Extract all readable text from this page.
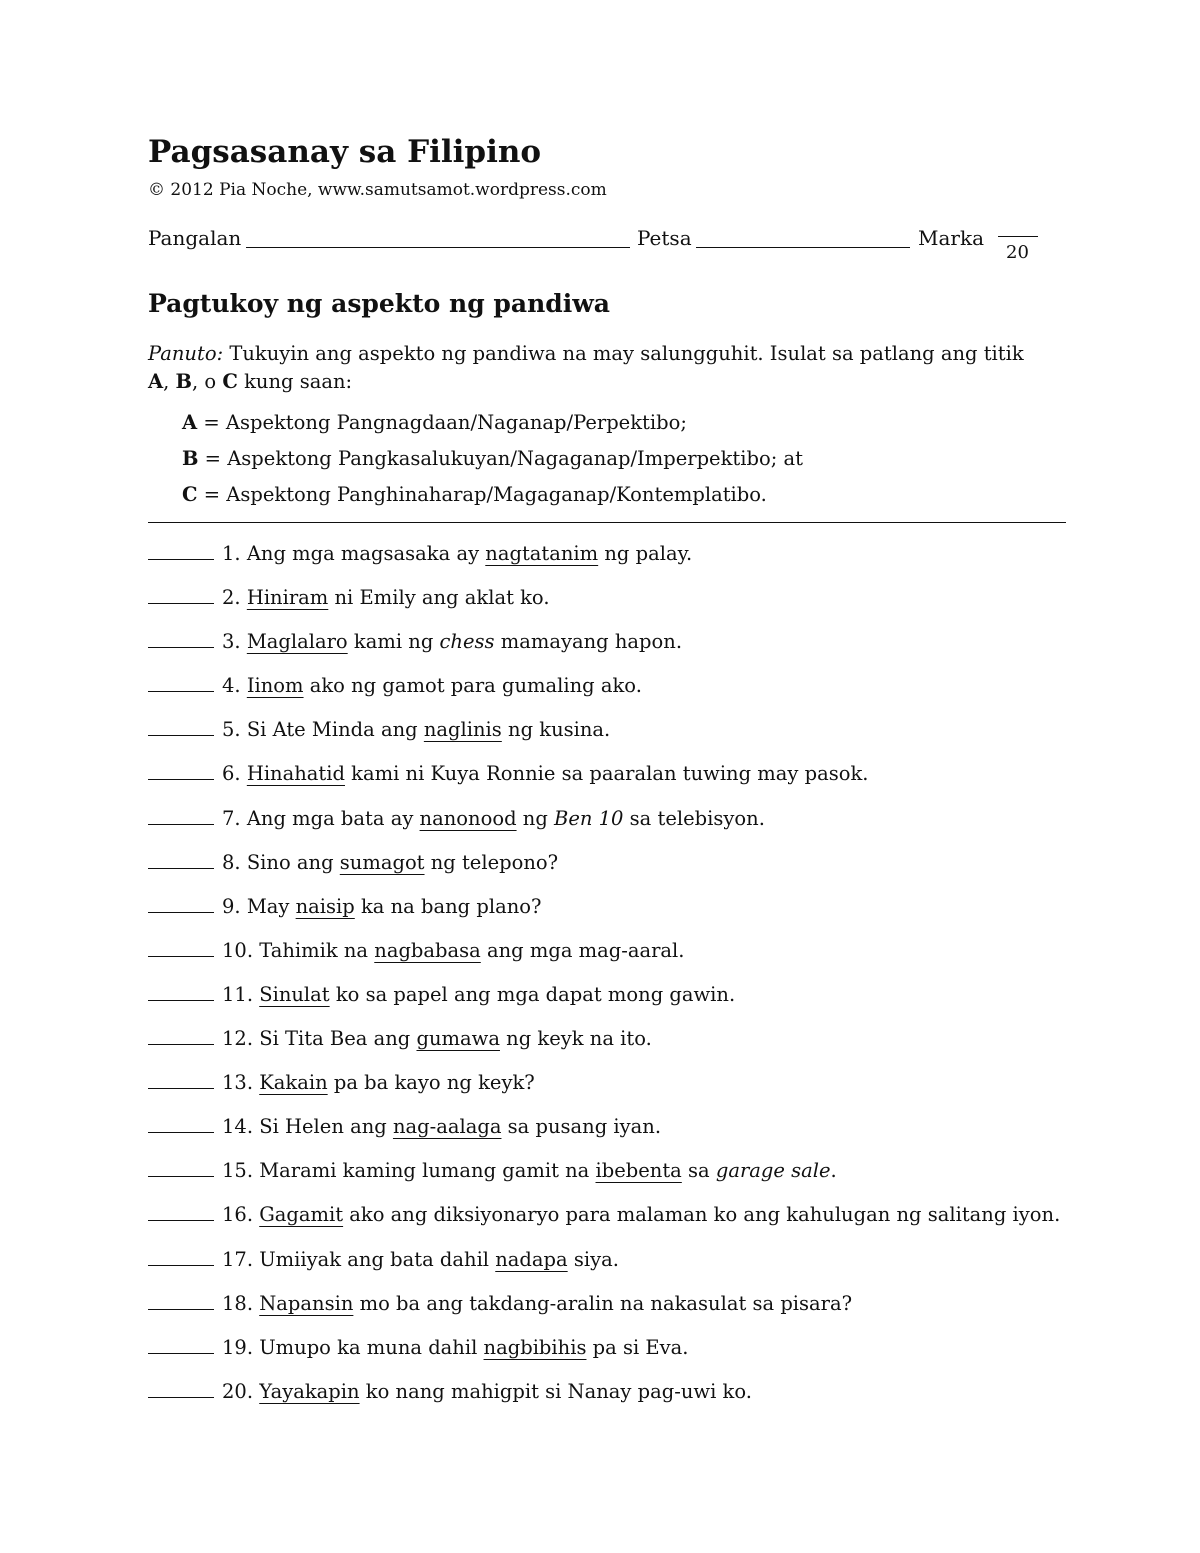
Pagsasanay sa Filipino
© 2012 Pia Noche, www.samutsamot.wordpress.com
Pangalan	Petsa	Marka
20
Pagtukoy ng aspekto ng pandiwa
Panuto: Tukuyin ang aspekto ng pandiwa na may salungguhit. Isulat sa patlang ang titik
A, B, o C kung saan:
A = Aspektong Pangnagdaan/Naganap/Perpektibo;
B = Aspektong Pangkasalukuyan/Nagaganap/Imperpektibo; at
C = Aspektong Panghinaharap/Magaganap/Kontemplatibo.
1. Ang mga magsasaka ay nagtatanim ng palay.
2. Hiniram ni Emily ang aklat ko.
3. Maglalaro kami ng chess mamayang hapon.
4. Iinom ako ng gamot para gumaling ako.
5. Si Ate Minda ang naglinis ng kusina.
6. Hinahatid kami ni Kuya Ronnie sa paaralan tuwing may pasok.
7. Ang mga bata ay nanonood ng Ben 10 sa telebisyon.
8. Sino ang sumagot ng telepono?
9. May naisip ka na bang plano?
10. Tahimik na nagbabasa ang mga mag-aaral.
11. Sinulat ko sa papel ang mga dapat mong gawin.
12. Si Tita Bea ang gumawa ng keyk na ito.
13. Kakain pa ba kayo ng keyk?
14. Si Helen ang nag-aalaga sa pusang iyan.
15. Marami kaming lumang gamit na ibebenta sa garage sale.
16. Gagamit ako ang diksiyonaryo para malaman ko ang kahulugan ng salitang iyon.
17. Umiiyak ang bata dahil nadapa siya.
18. Napansin mo ba ang takdang-aralin na nakasulat sa pisara?
19. Umupo ka muna dahil nagbibihis pa si Eva.
20. Yayakapin ko nang mahigpit si Nanay pag-uwi ko.
